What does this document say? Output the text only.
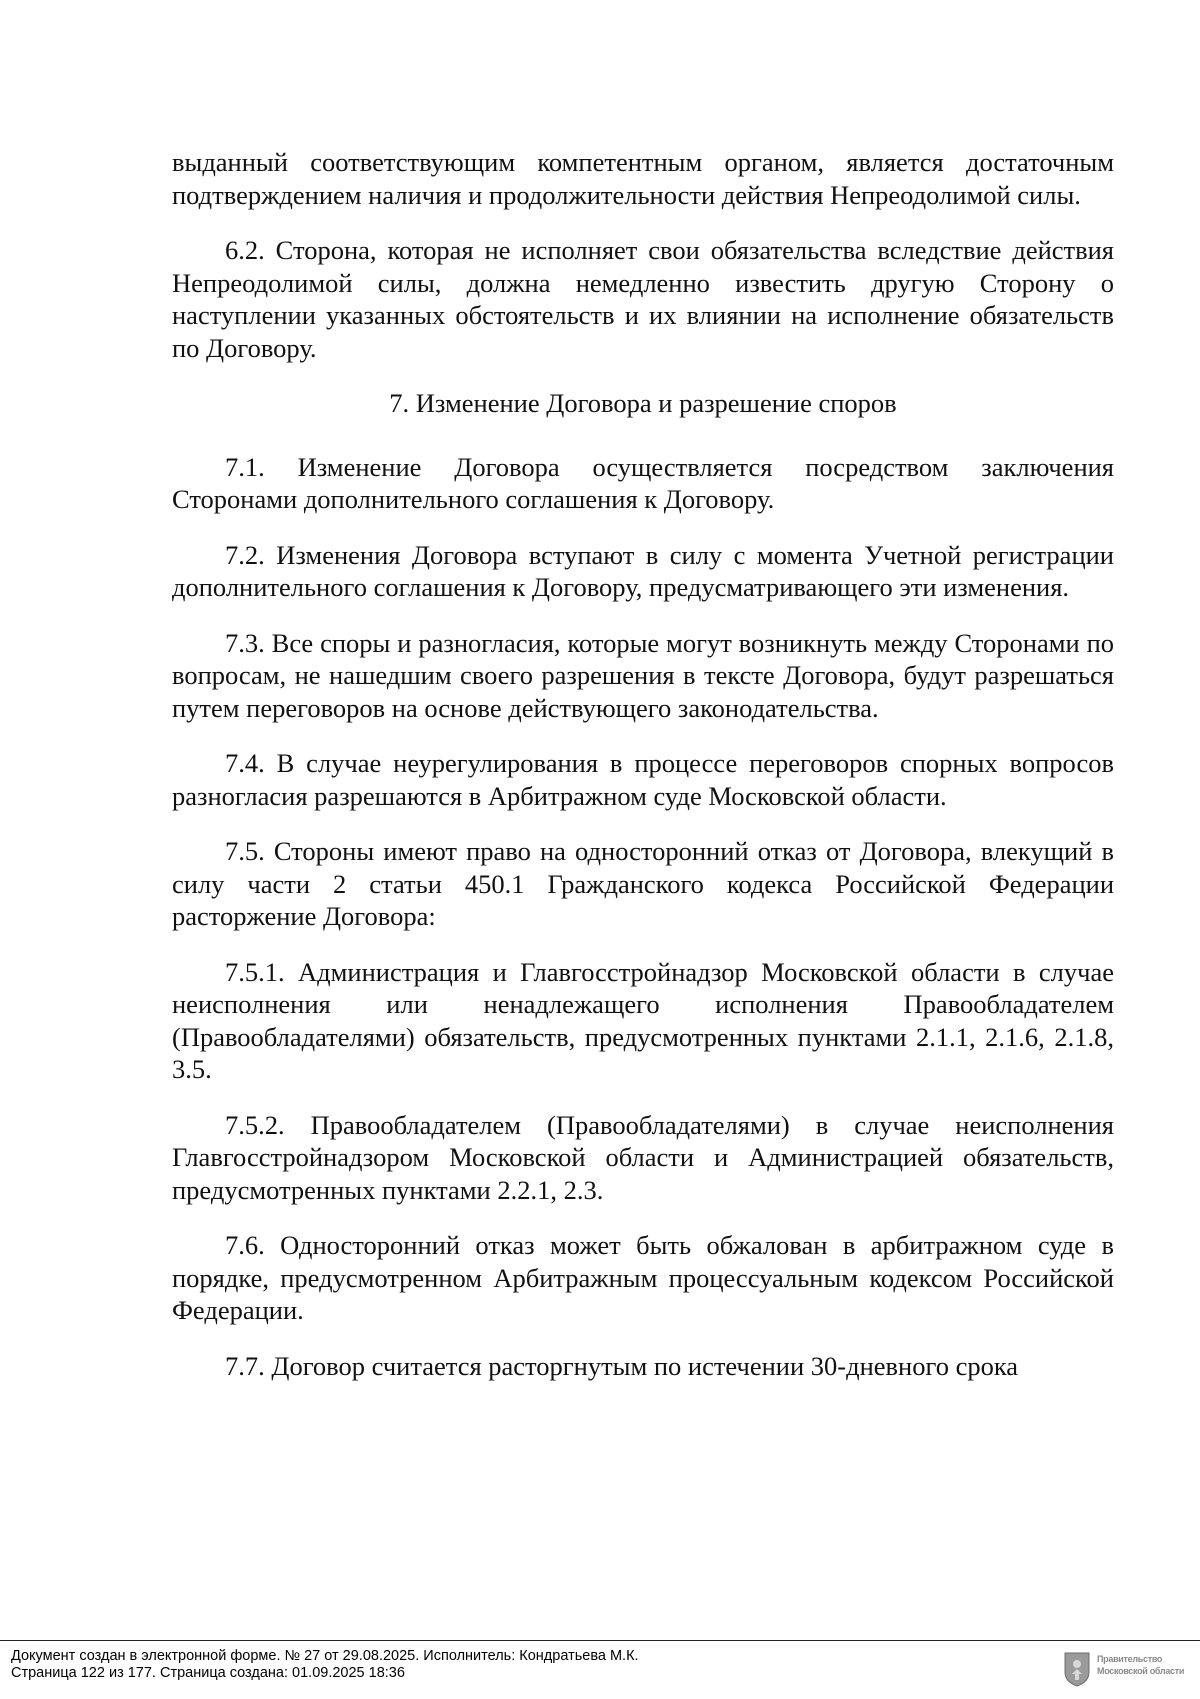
выданный соответствующим компетентным органом, является достаточным подтверждением наличия и продолжительности действия Непреодолимой силы.

6.2. Сторона, которая не исполняет свои обязательства вследствие действия Непреодолимой силы, должна немедленно известить другую Сторону о наступлении указанных обстоятельств и их влиянии на исполнение обязательств по Договору.

7. Изменение Договора и разрешение споров

7.1. Изменение Договора осуществляется посредством заключения Сторонами дополнительного соглашения к Договору.

7.2. Изменения Договора вступают в силу с момента Учетной регистрации дополнительного соглашения к Договору, предусматривающего эти изменения.

7.3. Все споры и разногласия, которые могут возникнуть между Сторонами по вопросам, не нашедшим своего разрешения в тексте Договора, будут разрешаться путем переговоров на основе действующего законодательства.

7.4. В случае неурегулирования в процессе переговоров спорных вопросов разногласия разрешаются в Арбитражном суде Московской области.

7.5. Стороны имеют право на односторонний отказ от Договора, влекущий в силу части 2 статьи 450.1 Гражданского кодекса Российской Федерации расторжение Договора:

7.5.1. Администрация и Главгосстройнадзор Московской области в случае неисполнения или ненадлежащего исполнения Правообладателем (Правообладателями) обязательств, предусмотренных пунктами 2.1.1, 2.1.6, 2.1.8, 3.5.

7.5.2. Правообладателем (Правообладателями) в случае неисполнения Главгосстройнадзором Московской области и Администрацией обязательств, предусмотренных пунктами 2.2.1, 2.3.

7.6. Односторонний отказ может быть обжалован в арбитражном суде в порядке, предусмотренном Арбитражным процессуальным кодексом Российской Федерации.

7.7. Договор считается расторгнутым по истечении 30-дневного срока

Документ создан в электронной форме. № 27 от 29.08.2025. Исполнитель: Кондратьева М.К.
Страница 122 из 177. Страница создана: 01.09.2025 18:36
Правительство
Московской области
